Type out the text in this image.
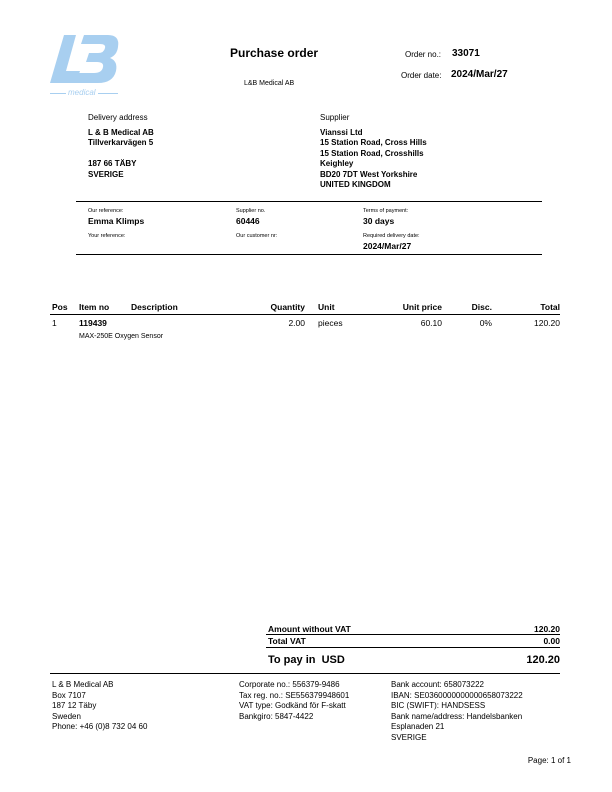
medical
Purchase order
L&B Medical AB
Order no.: 33071
Order date: 2024/Mar/27
Delivery address
L & B Medical AB
Tillverkarvägen 5
187 66 TÄBY
SVERIGE
Supplier
Vianssi Ltd
15 Station Road, Cross Hills
15 Station Road, Crosshills
Keighley
BD20 7DT West Yorkshire
UNITED KINGDOM
Our reference:
Emma Klimps
Your reference:
Supplier no.
60446
Our customer nr:
Terms of payment:
30 days
Required delivery date:
2024/Mar/27
Pos Item no	Description	Quantity Unit	Unit price	Disc.	Total
1	119439	2.00 pieces	60.10	0%	120.20
MAX-250E Oxygen Sensor
Amount without VAT	120.20
Total VAT	0.00
To pay in  USD	120.20
L & B Medical AB
Box 7107
187 12 Täby
Sweden
Phone: +46 (0)8 732 04 60
Corporate no.: 556379-9486
Tax reg. no.: SE556379948601
VAT type: Godkänd för F-skatt
Bankgiro: 5847-4422
Bank account: 658073222
IBAN: SE0360000000000658073222
BIC (SWIFT): HANDSESS
Bank name/address: Handelsbanken
Esplanaden 21
SVERIGE
Page: 1 of 1
